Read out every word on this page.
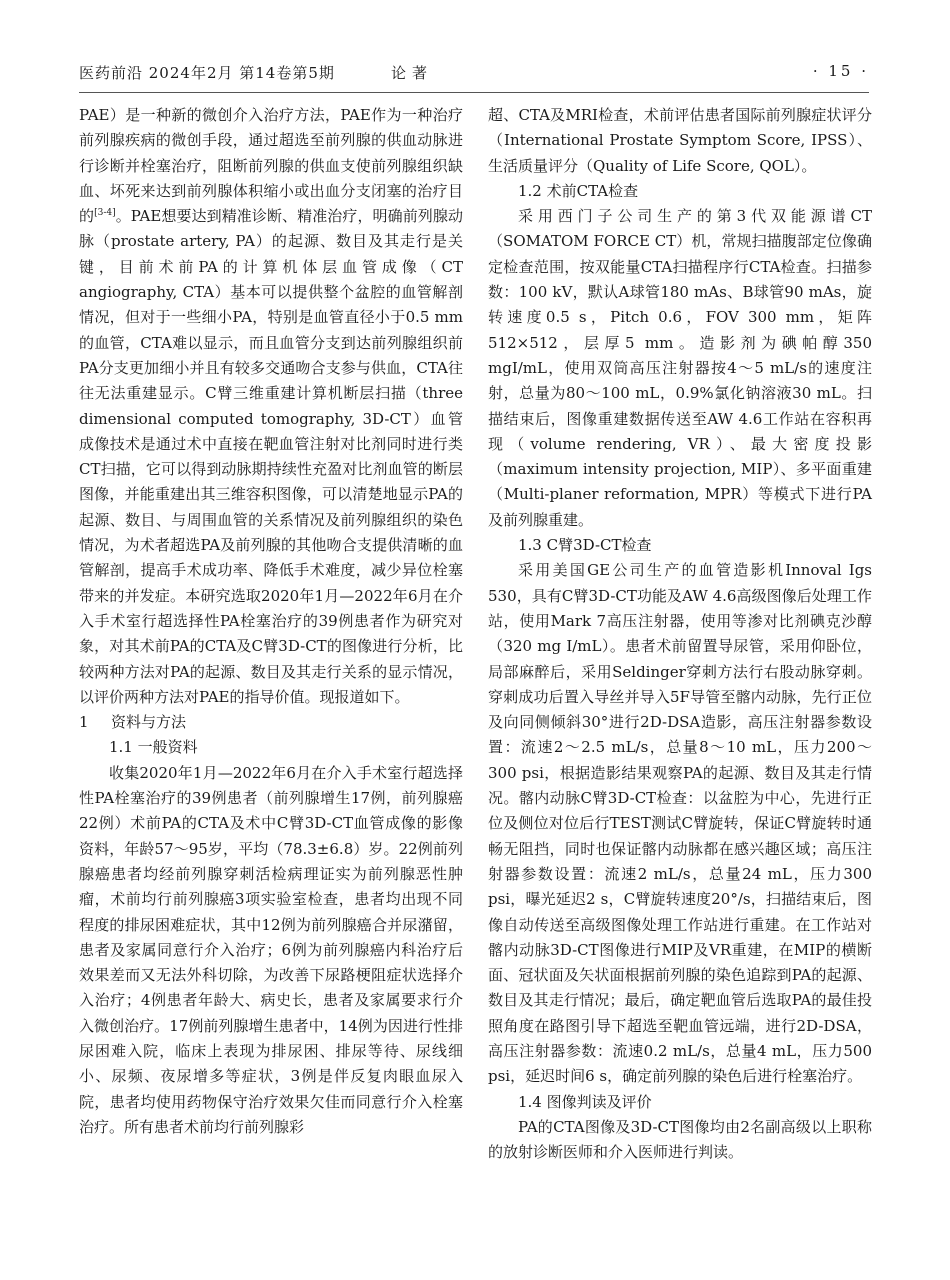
医药前沿 2024年2月 第14卷第5期	论著	· 15 ·

PAE）是一种新的微创介入治疗方法，PAE作为一种治疗前列腺疾病的微创手段，通过超选至前列腺的供血动脉进行诊断并栓塞治疗，阻断前列腺的供血支使前列腺组织缺血、坏死来达到前列腺体积缩小或出血分支闭塞的治疗目的[3-4]。PAE想要达到精准诊断、精准治疗，明确前列腺动脉（prostate artery, PA）的起源、数目及其走行是关键，目前术前PA的计算机体层血管成像（CT angiography, CTA）基本可以提供整个盆腔的血管解剖情况，但对于一些细小PA，特别是血管直径小于0.5 mm的血管，CTA难以显示，而且血管分支到达前列腺组织前PA分支更加细小并且有较多交通吻合支参与供血，CTA往往无法重建显示。C臂三维重建计算机断层扫描（three dimensional computed tomography, 3D-CT）血管成像技术是通过术中直接在靶血管注射对比剂同时进行类CT扫描，它可以得到动脉期持续性充盈对比剂血管的断层图像，并能重建出其三维容积图像，可以清楚地显示PA的起源、数目、与周围血管的关系情况及前列腺组织的染色情况，为术者超选PA及前列腺的其他吻合支提供清晰的血管解剖，提高手术成功率、降低手术难度，减少异位栓塞带来的并发症。本研究选取2020年1月—2022年6月在介入手术室行超选择性PA栓塞治疗的39例患者作为研究对象，对其术前PA的CTA及C臂3D-CT的图像进行分析，比较两种方法对PA的起源、数目及其走行关系的显示情况，以评价两种方法对PAE的指导价值。现报道如下。

1 资料与方法

1.1 一般资料

收集2020年1月—2022年6月在介入手术室行超选择性PA栓塞治疗的39例患者（前列腺增生17例，前列腺癌22例）术前PA的CTA及术中C臂3D-CT血管成像的影像资料，年龄57～95岁，平均（78.3±6.8）岁。22例前列腺癌患者均经前列腺穿刺活检病理证实为前列腺恶性肿瘤，术前均行前列腺癌3项实验室检查，患者均出现不同程度的排尿困难症状，其中12例为前列腺癌合并尿潴留，患者及家属同意行介入治疗；6例为前列腺癌内科治疗后效果差而又无法外科切除，为改善下尿路梗阻症状选择介入治疗；4例患者年龄大、病史长，患者及家属要求行介入微创治疗。17例前列腺增生患者中，14例为因进行性排尿困难入院，临床上表现为排尿困、排尿等待、尿线细小、尿频、夜尿增多等症状，3例是伴反复肉眼血尿入院，患者均使用药物保守治疗效果欠佳而同意行介入栓塞治疗。所有患者术前均行前列腺彩

超、CTA及MRI检查，术前评估患者国际前列腺症状评分（International Prostate Symptom Score, IPSS）、生活质量评分（Quality of Life Score, QOL）。

1.2 术前CTA检查

采用西门子公司生产的第3代双能源谱CT（SOMATOM FORCE CT）机，常规扫描腹部定位像确定检查范围，按双能量CTA扫描程序行CTA检查。扫描参数：100 kV，默认A球管180 mAs、B球管90 mAs，旋转速度0.5 s，Pitch 0.6，FOV 300 mm，矩阵512×512，层厚5 mm。造影剂为碘帕醇350 mgI/mL，使用双筒高压注射器按4～5 mL/s的速度注射，总量为80～100 mL，0.9%氯化钠溶液30 mL。扫描结束后，图像重建数据传送至AW 4.6工作站在容积再现（volume rendering, VR）、最大密度投影（maximum intensity projection, MIP）、多平面重建（Multi-planer reformation, MPR）等模式下进行PA及前列腺重建。

1.3 C臂3D-CT检查

采用美国GE公司生产的血管造影机Innoval Igs 530，具有C臂3D-CT功能及AW 4.6高级图像后处理工作站，使用Mark 7高压注射器，使用等渗对比剂碘克沙醇（320 mg I/mL）。患者术前留置导尿管，采用仰卧位，局部麻醉后，采用Seldinger穿刺方法行右股动脉穿刺。穿刺成功后置入导丝并导入5F导管至髂内动脉，先行正位及向同侧倾斜30°进行2D-DSA造影，高压注射器参数设置：流速2～2.5 mL/s，总量8～10 mL，压力200～300 psi，根据造影结果观察PA的起源、数目及其走行情况。髂内动脉C臂3D-CT检查：以盆腔为中心，先进行正位及侧位对位后行TEST测试C臂旋转，保证C臂旋转时通畅无阻挡，同时也保证髂内动脉都在感兴趣区域；高压注射器参数设置：流速2 mL/s，总量24 mL，压力300 psi，曝光延迟2 s，C臂旋转速度20°/s，扫描结束后，图像自动传送至高级图像处理工作站进行重建。在工作站对髂内动脉3D-CT图像进行MIP及VR重建，在MIP的横断面、冠状面及矢状面根据前列腺的染色追踪到PA的起源、数目及其走行情况；最后，确定靶血管后选取PA的最佳投照角度在路图引导下超选至靶血管远端，进行2D-DSA，高压注射器参数：流速0.2 mL/s，总量4 mL，压力500 psi，延迟时间6 s，确定前列腺的染色后进行栓塞治疗。

1.4 图像判读及评价

PA的CTA图像及3D-CT图像均由2名副高级以上职称的放射诊断医师和介入医师进行判读。
